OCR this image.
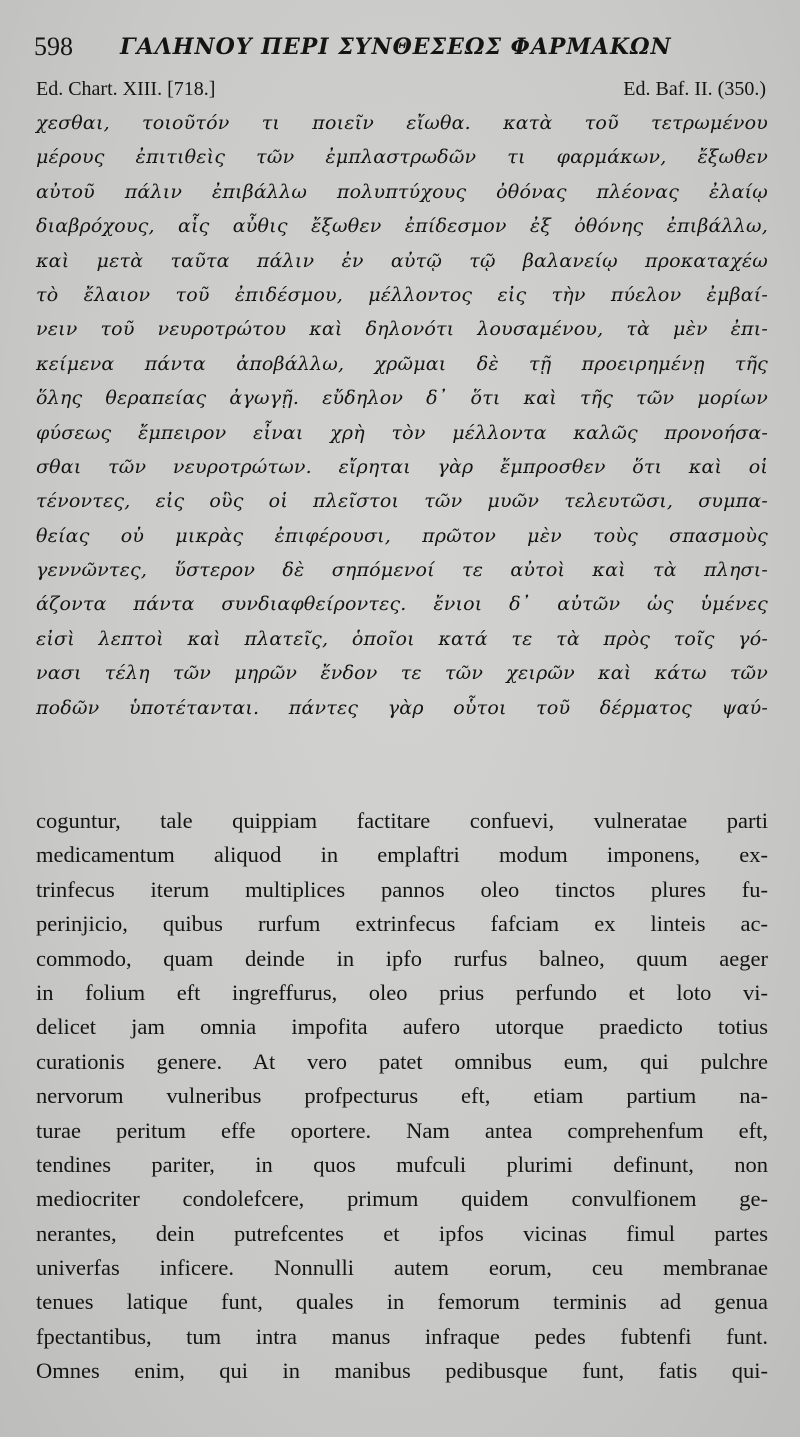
598 ΓΑΛΗΝΟΥ ΠΕΡΙ ΣΥΝΘΕΣΕΩΣ ΦΑΡΜΑΚΩΝ
Ed. Chart. XIII. [718.]	Ed. Baf. II. (350.)
χεσθαι, τοιοῦτόν τι ποιεῖν εἴωθα. κατὰ τοῦ τετρωμένου
μέρους ἐπιτιθεὶς τῶν ἐμπλαστρωδῶν τι φαρμάκων, ἔξωθεν
αὐτοῦ πάλιν ἐπιβάλλω πολυπτύχους ὀθόνας πλέονας ἐλαίῳ
διαβρόχους, αἷς αὖθις ἔξωθεν ἐπίδεσμον ἐξ ὀθόνης ἐπιβάλλω,
καὶ μετὰ ταῦτα πάλιν ἐν αὐτῷ τῷ βαλανείῳ προκαταχέω
τὸ ἔλαιον τοῦ ἐπιδέσμου, μέλλοντος εἰς τὴν πύελον ἐμβαί-
νειν τοῦ νευροτρώτου καὶ δηλονότι λουσαμένου, τὰ μὲν ἐπι-
κείμενα πάντα ἀποβάλλω, χρῶμαι δὲ τῇ προειρημένῃ τῆς
ὅλης θεραπείας ἀγωγῇ. εὔδηλον δ᾽ ὅτι καὶ τῆς τῶν μορίων
φύσεως ἔμπειρον εἶναι χρὴ τὸν μέλλοντα καλῶς προνοήσα-
σθαι τῶν νευροτρώτων. εἴρηται γὰρ ἔμπροσθεν ὅτι καὶ οἱ
τένοντες, εἰς οὓς οἱ πλεῖστοι τῶν μυῶν τελευτῶσι, συμπα-
θείας οὐ μικρὰς ἐπιφέρουσι, πρῶτον μὲν τοὺς σπασμοὺς
γεννῶντες, ὕστερον δὲ σηπόμενοί τε αὐτοὶ καὶ τὰ πλησι-
άζοντα πάντα συνδιαφθείροντες. ἔνιοι δ᾽ αὐτῶν ὡς ὑμένες
εἰσὶ λεπτοὶ καὶ πλατεῖς, ὁποῖοι κατά τε τὰ πρὸς τοῖς γό-
νασι τέλη τῶν μηρῶν ἔνδον τε τῶν χειρῶν καὶ κάτω τῶν
ποδῶν ὑποτέτανται. πάντες γὰρ οὗτοι τοῦ δέρματος ψαύ-
coguntur, tale quippiam factitare confuevi, vulneratae parti
medicamentum aliquod in emplaftri modum imponens, ex-
trinfecus iterum multiplices pannos oleo tinctos plures fu-
perinjicio, quibus rurfum extrinfecus fafciam ex linteis ac-
commodo, quam deinde in ipfo rurfus balneo, quum aeger
in folium eft ingreffurus, oleo prius perfundo et loto vi-
delicet jam omnia impofita aufero utorque praedicto totius
curationis genere. At vero patet omnibus eum, qui pulchre
nervorum vulneribus profpecturus eft, etiam partium na-
turae peritum effe oportere. Nam antea comprehenfum eft,
tendines pariter, in quos mufculi plurimi definunt, non
mediocriter condolefcere, primum quidem convulfionem ge-
nerantes, dein putrefcentes et ipfos vicinas fimul partes
univerfas inficere. Nonnulli autem eorum, ceu membranae
tenues latique funt, quales in femorum terminis ad genua
fpectantibus, tum intra manus infraque pedes fubtenfi funt.
Omnes enim, qui in manibus pedibusque funt, fatis qui-
